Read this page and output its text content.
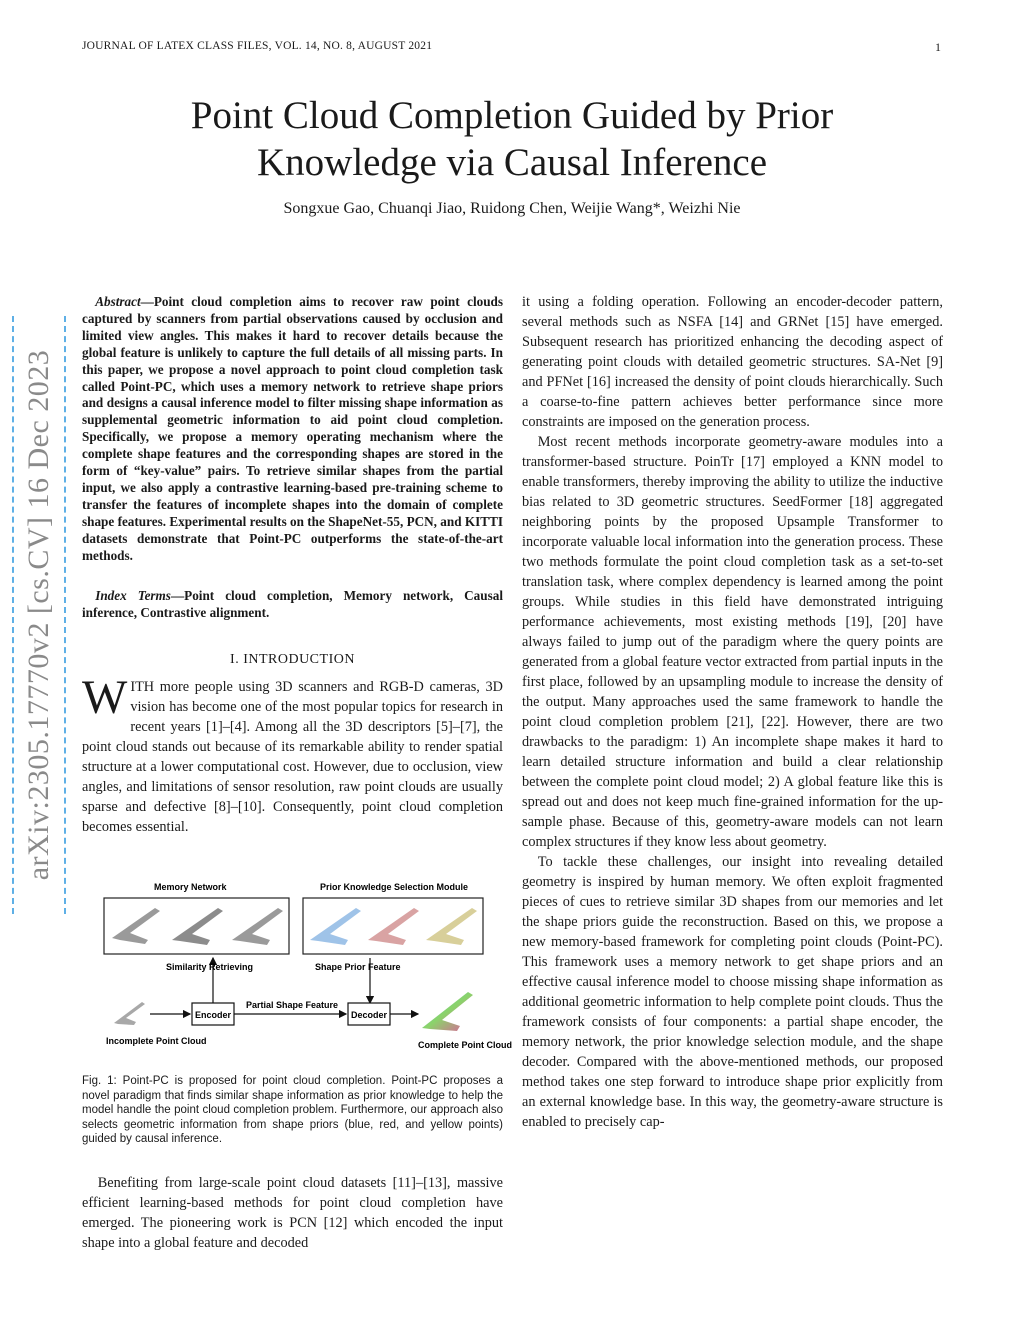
JOURNAL OF LATEX CLASS FILES, VOL. 14, NO. 8, AUGUST 2021	1
arXiv:2305.17770v2 [cs.CV] 16 Dec 2023
Point Cloud Completion Guided by Prior
Knowledge via Causal Inference
Songxue Gao, Chuanqi Jiao, Ruidong Chen, Weijie Wang*, Weizhi Nie
Abstract—Point cloud completion aims to recover raw point clouds captured by scanners from partial observations caused by occlusion and limited view angles. This makes it hard to recover details because the global feature is unlikely to capture the full details of all missing parts. In this paper, we propose a novel approach to point cloud completion task called Point-PC, which uses a memory network to retrieve shape priors and designs a causal inference model to filter missing shape information as supplemental geometric information to aid point cloud completion. Specifically, we propose a memory operating mechanism where the complete shape features and the corresponding shapes are stored in the form of “key-value” pairs. To retrieve similar shapes from the partial input, we also apply a contrastive learning-based pre-training scheme to transfer the features of incomplete shapes into the domain of complete shape features. Experimental results on the ShapeNet-55, PCN, and KITTI datasets demonstrate that Point-PC outperforms the state-of-the-art methods.
Index Terms—Point cloud completion, Memory network, Causal inference, Contrastive alignment.
I. INTRODUCTION
WITH more people using 3D scanners and RGB-D cameras, 3D vision has become one of the most popular topics for research in recent years [1]–[4]. Among all the 3D descriptors [5]–[7], the point cloud stands out because of its remarkable ability to render spatial structure at a lower computational cost. However, due to occlusion, view angles, and limitations of sensor resolution, raw point clouds are usually sparse and defective [8]–[10]. Consequently, point cloud completion becomes essential.
Memory Network	Prior Knowledge Selection Module
Similarity Retrieving	Shape Prior Feature
Encoder	Decoder
Partial Shape Feature
Incomplete Point Cloud	Complete Point Cloud
Fig. 1: Point-PC is proposed for point cloud completion. Point-PC proposes a novel paradigm that finds similar shape information as prior knowledge to help the model handle the point cloud completion problem. Furthermore, our approach also selects geometric information from shape priors (blue, red, and yellow points) guided by causal inference.
Benefiting from large-scale point cloud datasets [11]–[13], massive efficient learning-based methods for point cloud completion have emerged. The pioneering work is PCN [12] which encoded the input shape into a global feature and decoded

it using a folding operation. Following an encoder-decoder pattern, several methods such as NSFA [14] and GRNet [15] have emerged. Subsequent research has prioritized enhancing the decoding aspect of generating point clouds with detailed geometric structures. SA-Net [9] and PFNet [16] increased the density of point clouds hierarchically. Such a coarse-to-fine pattern achieves better performance since more constraints are imposed on the generation process.

Most recent methods incorporate geometry-aware modules into a transformer-based structure. PoinTr [17] employed a KNN model to enable transformers, thereby improving the ability to utilize the inductive bias related to 3D geometric structures. SeedFormer [18] aggregated neighboring points by the proposed Upsample Transformer to incorporate valuable local information into the generation process. These two methods formulate the point cloud completion task as a set-to-set translation task, where complex dependency is learned among the point groups. While studies in this field have demonstrated intriguing performance achievements, most existing methods [19], [20] have always failed to jump out of the paradigm where the query points are generated from a global feature vector extracted from partial inputs in the first place, followed by an upsampling module to increase the density of the output. Many approaches used the same framework to handle the point cloud completion problem [21], [22]. However, there are two drawbacks to the paradigm: 1) An incomplete shape makes it hard to learn detailed structure information and build a clear relationship between the complete point cloud model; 2) A global feature like this is spread out and does not keep much fine-grained information for the up-sample phase. Because of this, geometry-aware models can not learn complex structures if they know less about geometry.

To tackle these challenges, our insight into revealing detailed geometry is inspired by human memory. We often exploit fragmented pieces of cues to retrieve similar 3D shapes from our memories and let the shape priors guide the reconstruction. Based on this, we propose a new memory-based framework for completing point clouds (Point-PC). This framework uses a memory network to get shape priors and an effective causal inference model to choose missing shape information as additional geometric information to help complete point clouds. Thus the framework consists of four components: a partial shape encoder, the memory network, the prior knowledge selection module, and the shape decoder. Compared with the above-mentioned methods, our proposed method takes one step forward to introduce shape prior explicitly from an external knowledge base. In this way, the geometry-aware structure is enabled to precisely cap-
